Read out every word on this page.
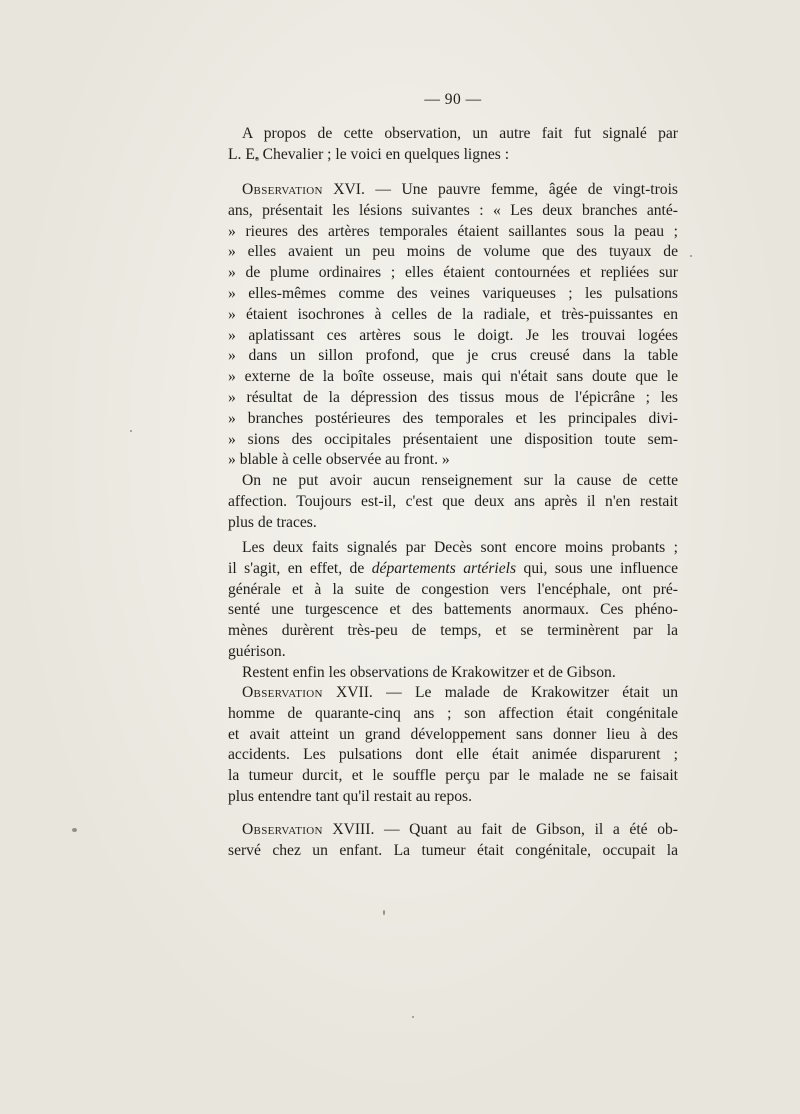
— 90 —
A propos de cette observation, un autre fait fut signalé par
L. E. Chevalier ; le voici en quelques lignes :
Observation XVI. — Une pauvre femme, âgée de vingt-trois
ans, présentait les lésions suivantes : « Les deux branches anté-
» rieures des artères temporales étaient saillantes sous la peau ;
» elles avaient un peu moins de volume que des tuyaux de
» de plume ordinaires ; elles étaient contournées et repliées sur
» elles-mêmes comme des veines variqueuses ; les pulsations
» étaient isochrones à celles de la radiale, et très-puissantes en
» aplatissant ces artères sous le doigt. Je les trouvai logées
» dans un sillon profond, que je crus creusé dans la table
» externe de la boîte osseuse, mais qui n'était sans doute que le
» résultat de la dépression des tissus mous de l'épicrâne ; les
» branches postérieures des temporales et les principales divi-
» sions des occipitales présentaient une disposition toute sem-
» blable à celle observée au front. »
On ne put avoir aucun renseignement sur la cause de cette
affection. Toujours est-il, c'est que deux ans après il n'en restait
plus de traces.
Les deux faits signalés par Decès sont encore moins probants ;
il s'agit, en effet, de départements artériels qui, sous une influence
générale et à la suite de congestion vers l'encéphale, ont pré-
senté une turgescence et des battements anormaux. Ces phéno-
mènes durèrent très-peu de temps, et se terminèrent par la
guérison.
Restent enfin les observations de Krakowitzer et de Gibson.
Observation XVII. — Le malade de Krakowitzer était un
homme de quarante-cinq ans ; son affection était congénitale
et avait atteint un grand développement sans donner lieu à des
accidents. Les pulsations dont elle était animée disparurent ;
la tumeur durcit, et le souffle perçu par le malade ne se faisait
plus entendre tant qu'il restait au repos.
Observation XVIII. — Quant au fait de Gibson, il a été ob-
servé chez un enfant. La tumeur était congénitale, occupait la
